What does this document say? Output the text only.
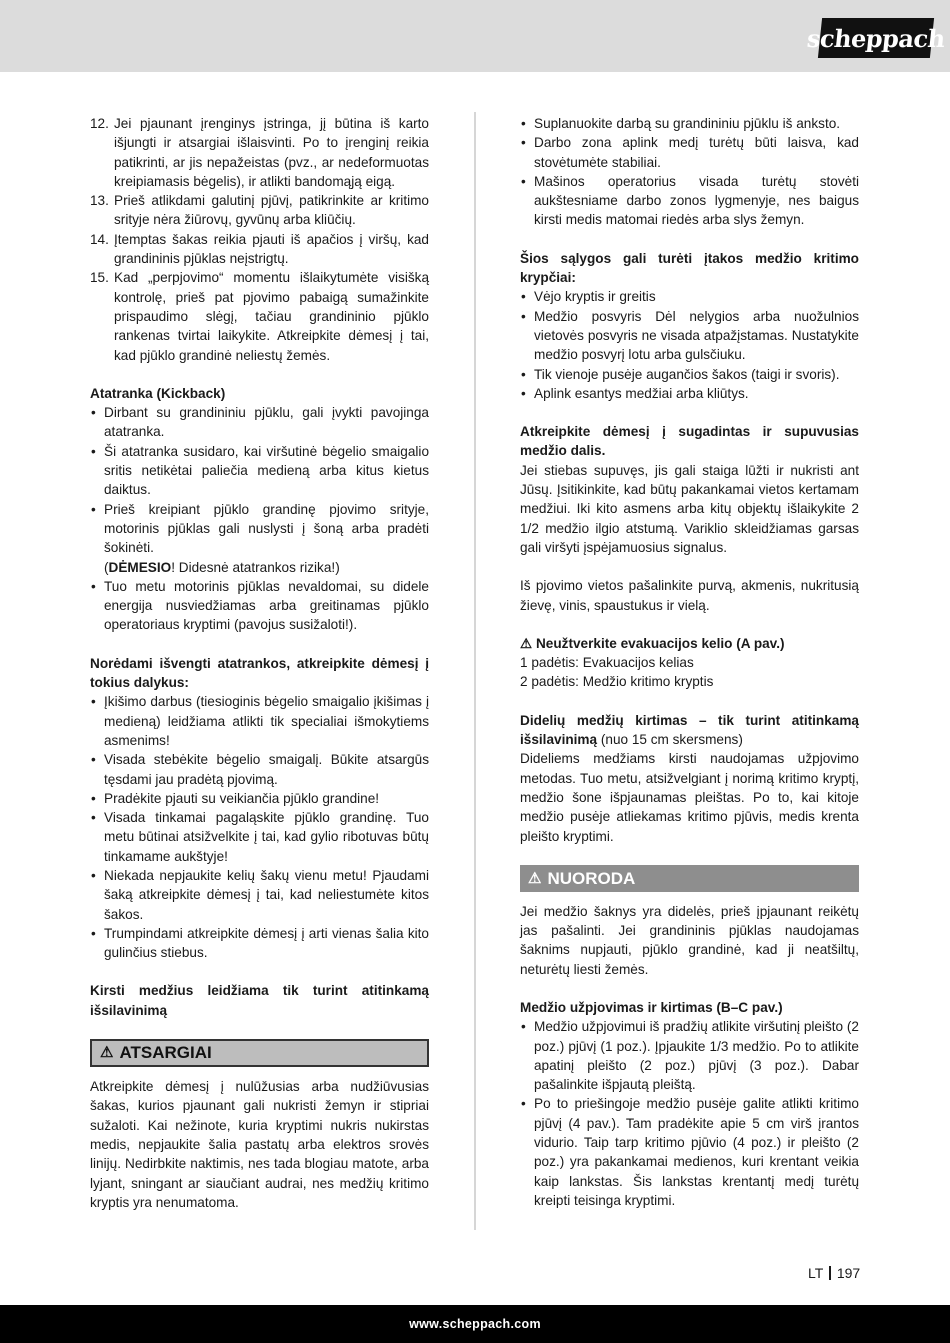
scheppach
12. Jei pjaunant įrenginys įstringa, jį būtina iš karto išjungti ir atsargiai išlaisvinti. Po to įrenginį reikia patikrinti, ar jis nepažeistas (pvz., ar nedeformuotas kreipiamasis bėgelis), ir atlikti bandomąją eigą.
13. Prieš atlikdami galutinį pjūvį, patikrinkite ar kritimo srityje nėra žiūrovų, gyvūnų arba kliūčių.
14. Įtemptas šakas reikia pjauti iš apačios į viršų, kad grandininis pjūklas neįstrigtų.
15. Kad „perpjovimo“ momentu išlaikytumėte visišką kontrolę, prieš pat pjovimo pabaigą sumažinkite prispaudimo slėgį, tačiau grandininio pjūklo rankenas tvirtai laikykite. Atkreipkite dėmesį į tai, kad pjūklo grandinė neliestų žemės.

Atatranka (Kickback)

• Dirbant su grandininiu pjūklu, gali įvykti pavojinga atatranka.
• Ši atatranka susidaro, kai viršutinė bėgelio smaigalio sritis netikėtai paliečia medieną arba kitus kietus daiktus.
• Prieš kreipiant pjūklo grandinę pjovimo srityje, motorinis pjūklas gali nuslysti į šoną arba pradėti šokinėti.
(DĖMESIO! Didesnė atatrankos rizika!)
• Tuo metu motorinis pjūklas nevaldomai, su didele energija nusviedžiamas arba greitinamas pjūklo operatoriaus kryptimi (pavojus susižaloti!).

Norėdami išvengti atatrankos, atkreipkite dėmesį į tokius dalykus:

• Įkišimo darbus (tiesioginis bėgelio smaigalio įkišimas į medieną) leidžiama atlikti tik specialiai išmokytiems asmenims!
• Visada stebėkite bėgelio smaigalį. Būkite atsargūs tęsdami jau pradėtą pjovimą.
• Pradėkite pjauti su veikiančia pjūklo grandine!
• Visada tinkamai pagaląskite pjūklo grandinę. Tuo metu būtinai atsižvelkite į tai, kad gylio ribotuvas būtų tinkamame aukštyje!
• Niekada nepjaukite kelių šakų vienu metu! Pjaudami šaką atkreipkite dėmesį į tai, kad neliestumėte kitos šakos.
• Trumpindami atkreipkite dėmesį į arti vienas šalia kito gulinčius stiebus.

Kirsti medžius leidžiama tik turint atitinkamą išsilavinimą

⚠ ATSARGIAI

Atkreipkite dėmesį į nulūžusias arba nudžiūvusias šakas, kurios pjaunant gali nukristi žemyn ir stipriai sužaloti. Kai nežinote, kuria kryptimi nukris nukirstas medis, nepjaukite šalia pastatų arba elektros srovės linijų. Nedirbkite naktimis, nes tada blogiau matote, arba lyjant, sningant ar siaučiant audrai, nes medžių kritimo kryptis yra nenumatoma.

• Suplanuokite darbą su grandininiu pjūklu iš anksto.
• Darbo zona aplink medį turėtų būti laisva, kad stovėtumėte stabiliai.
• Mašinos operatorius visada turėtų stovėti aukštesniame darbo zonos lygmenyje, nes baigus kirsti medis matomai riedės arba slys žemyn.

Šios sąlygos gali turėti įtakos medžio kritimo krypčiai:

• Vėjo kryptis ir greitis
• Medžio posvyris Dėl nelygios arba nuožulnios vietovės posvyris ne visada atpažįstamas. Nustatykite medžio posvyrį lotu arba gulsčiuku.
• Tik vienoje pusėje augančios šakos (taigi ir svoris).
• Aplink esantys medžiai arba kliūtys.

Atkreipkite dėmesį į sugadintas ir supuvusias medžio dalis.

Jei stiebas supuvęs, jis gali staiga lūžti ir nukristi ant Jūsų. Įsitikinkite, kad būtų pakankamai vietos kertamam medžiui. Iki kito asmens arba kitų objektų išlaikykite 2 1/2 medžio ilgio atstumą. Variklio skleidžiamas garsas gali viršyti įspėjamuosius signalus.

Iš pjovimo vietos pašalinkite purvą, akmenis, nukritusią žievę, vinis, spaustukus ir vielą.

⚠ Neužtverkite evakuacijos kelio (A pav.)

1 padėtis: Evakuacijos kelias

2 padėtis: Medžio kritimo kryptis

Didelių medžių kirtimas – tik turint atitinkamą išsilavinimą (nuo 15 cm skersmens)

Dideliems medžiams kirsti naudojamas užpjovimo metodas. Tuo metu, atsižvelgiant į norimą kritimo kryptį, medžio šone išpjaunamas pleištas. Po to, kai kitoje medžio pusėje atliekamas kritimo pjūvis, medis krenta pleišto kryptimi.

⚠ NUORODA

Jei medžio šaknys yra didelės, prieš įpjaunant reikėtų jas pašalinti. Jei grandininis pjūklas naudojamas šaknims nupjauti, pjūklo grandinė, kad ji neatšiltų, neturėtų liesti žemės.

Medžio užpjovimas ir kirtimas (B–C pav.)

• Medžio užpjovimui iš pradžių atlikite viršutinį pleišto (2 poz.) pjūvį (1 poz.). Įpjaukite 1/3 medžio. Po to atlikite apatinį pleišto (2 poz.) pjūvį (3 poz.). Dabar pašalinkite išpjautą pleištą.
• Po to priešingoje medžio pusėje galite atlikti kritimo pjūvį (4 pav.). Tam pradėkite apie 5 cm virš įrantos vidurio. Taip tarp kritimo pjūvio (4 poz.) ir pleišto (2 poz.) yra pakankamai medienos, kuri krentant veikia kaip lankstas. Šis lankstas krentantį medį turėtų kreipti teisinga kryptimi.
LT 197
www.scheppach.com
